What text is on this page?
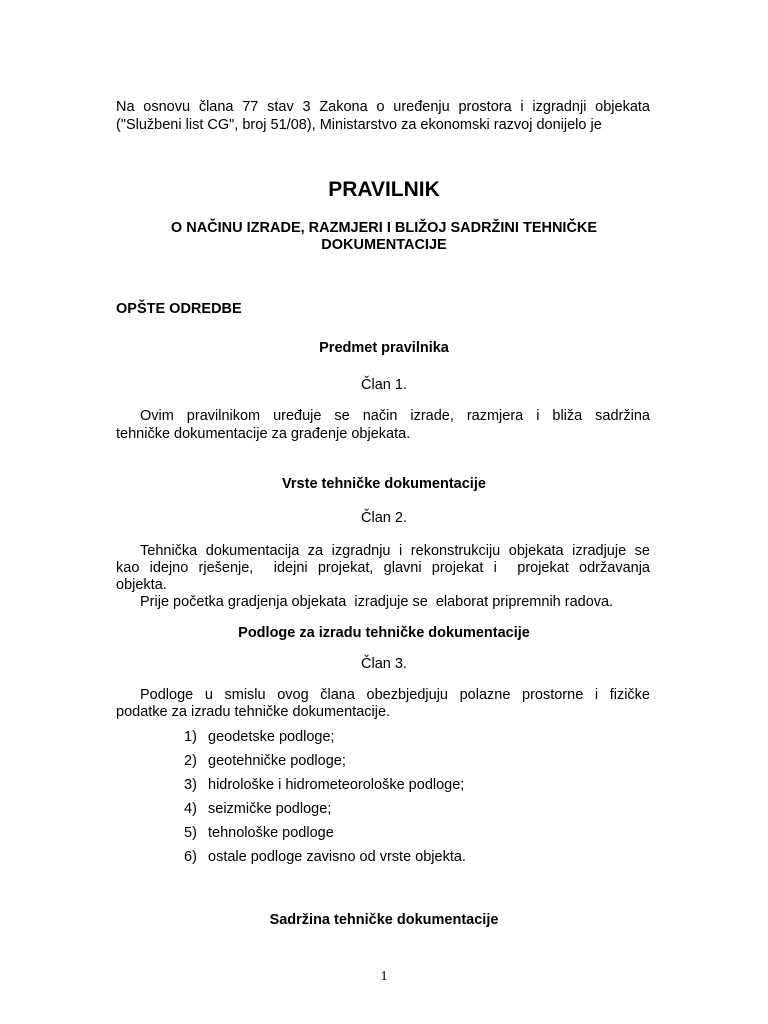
Na osnovu člana 77 stav 3 Zakona o uređenju prostora i izgradnji objekata

("Službeni list CG", broj 51/08), Ministarstvo za ekonomski razvoj donijelo je

PRAVILNIK

O NAČINU IZRADE, RAZMJERI I BLIŽOJ SADRŽINI TEHNIČKE

DOKUMENTACIJE

OPŠTE ODREDBE

Predmet pravilnika

Član 1.

Ovim pravilnikom uređuje se način izrade, razmjera i bliža sadržina

tehničke dokumentacije za građenje objekata.

Vrste tehničke dokumentacije

Član 2.

Tehnička dokumentacija za izgradnju i rekonstrukciju objekata izradjuje se

kao idejno rješenje,  idejni projekat, glavni projekat i  projekat održavanja

objekta.

Prije početka gradjenja objekata  izradjuje se  elaborat pripremnih radova.

Podloge za izradu tehničke dokumentacije

Član 3.

Podloge u smislu ovog člana obezbjedjuju polazne prostorne i fizičke

podatke za izradu tehničke dokumentacije.

1) geodetske podloge;
2) geotehničke podloge;
3) hidrološke i hidrometeorološke podloge;
4) seizmičke podloge;
5) tehnološke podloge
6) ostale podloge zavisno od vrste objekta.

Sadržina tehničke dokumentacije

1
